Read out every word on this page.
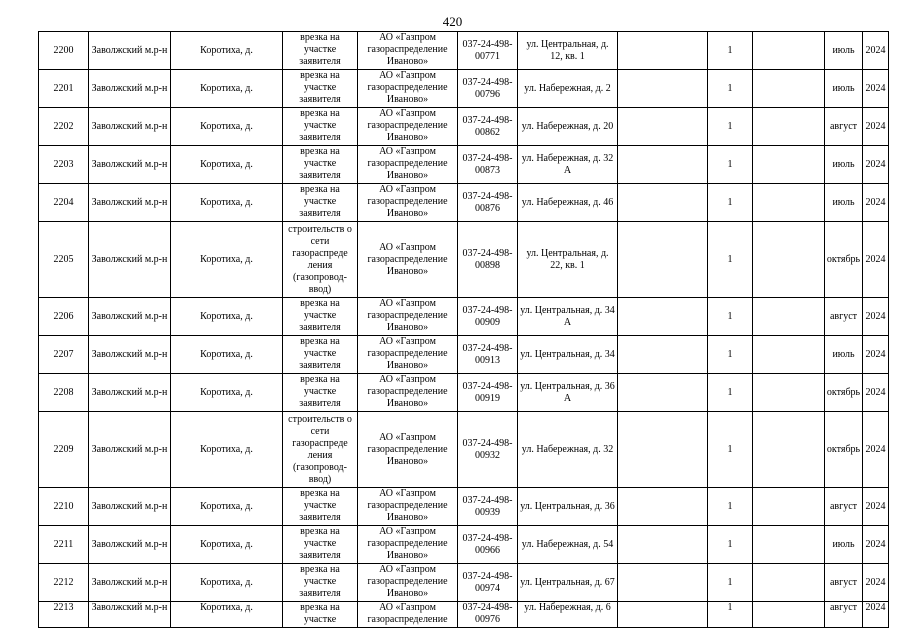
420
2200	Заволжский м.р-н	Коротиха, д.	врезка на участке заявителя	АО «Газпром газораспределение Иваново»	037-24-498-00771	ул. Центральная, д. 12, кв. 1		1		июль	2024
2201	Заволжский м.р-н	Коротиха, д.	врезка на участке заявителя	АО «Газпром газораспределение Иваново»	037-24-498-00796	ул. Набережная, д. 2		1		июль	2024
2202	Заволжский м.р-н	Коротиха, д.	врезка на участке заявителя	АО «Газпром газораспределение Иваново»	037-24-498-00862	ул. Набережная, д. 20		1		август	2024
2203	Заволжский м.р-н	Коротиха, д.	врезка на участке заявителя	АО «Газпром газораспределение Иваново»	037-24-498-00873	ул. Набережная, д. 32 А		1		июль	2024
2204	Заволжский м.р-н	Коротиха, д.	врезка на участке заявителя	АО «Газпром газораспределение Иваново»	037-24-498-00876	ул. Набережная, д. 46		1		июль	2024
2205	Заволжский м.р-н	Коротиха, д.	строительств о сети газораспреде ления (газопровод-ввод)	АО «Газпром газораспределение Иваново»	037-24-498-00898	ул. Центральная, д. 22, кв. 1		1		октябрь	2024
2206	Заволжский м.р-н	Коротиха, д.	врезка на участке заявителя	АО «Газпром газораспределение Иваново»	037-24-498-00909	ул. Центральная, д. 34 А		1		август	2024
2207	Заволжский м.р-н	Коротиха, д.	врезка на участке заявителя	АО «Газпром газораспределение Иваново»	037-24-498-00913	ул. Центральная, д. 34		1		июль	2024
2208	Заволжский м.р-н	Коротиха, д.	врезка на участке заявителя	АО «Газпром газораспределение Иваново»	037-24-498-00919	ул. Центральная, д. 36 А		1		октябрь	2024
2209	Заволжский м.р-н	Коротиха, д.	строительств о сети газораспреде ления (газопровод-ввод)	АО «Газпром газораспределение Иваново»	037-24-498-00932	ул. Набережная, д. 32		1		октябрь	2024
2210	Заволжский м.р-н	Коротиха, д.	врезка на участке заявителя	АО «Газпром газораспределение Иваново»	037-24-498-00939	ул. Центральная, д. 36		1		август	2024
2211	Заволжский м.р-н	Коротиха, д.	врезка на участке заявителя	АО «Газпром газораспределение Иваново»	037-24-498-00966	ул. Набережная, д. 54		1		июль	2024
2212	Заволжский м.р-н	Коротиха, д.	врезка на участке заявителя	АО «Газпром газораспределение Иваново»	037-24-498-00974	ул. Центральная, д. 67		1		август	2024
2213	Заволжский м.р-н	Коротиха, д.	врезка на участке	АО «Газпром газораспределение	037-24-498-00976	ул. Набережная, д. 6		1		август	2024
